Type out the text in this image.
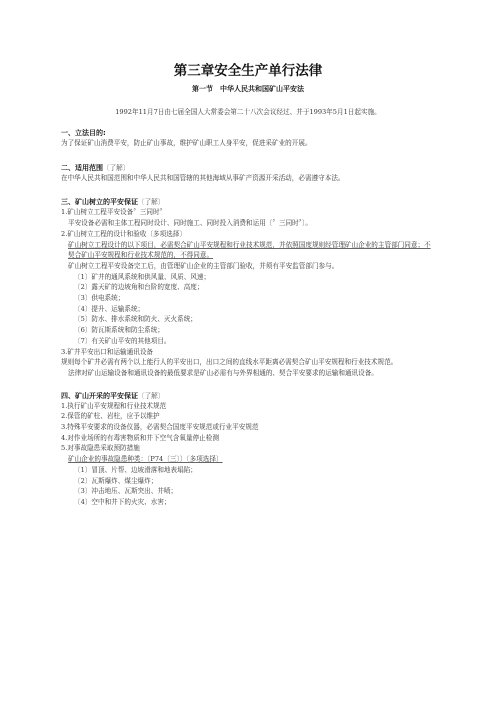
第三章安全生产单行法律

第一节　中华人民共和国矿山平安法

1992年11月7日由七届全国人大常委会第二十八次会议经过、并于1993年5月1日起实施。

一、立法目的:

为了保证矿山消费平安，防止矿山事故，维护矿山职工人身平安，促进采矿业的开展。

二、适用范围〔了解〕

在中华人民共和国范围和中华人民共和国管辖的其他海域从事矿产资源开采活动，必需遵守本法。

三、矿山树立的平安保证〔了解〕

1.矿山树立工程平安设备〞三同时〞

平安设备必需和主体工程同时设计、同时施工、同时投入消费和运用〔〞三同时〞〕。

2.矿山树立工程的设计和验收〔多项选择〕

矿山树立工程设计的以下项目，必需契合矿山平安规程和行业技术规范，并依照国度规则经管理矿山企业的主管部门同意；不契合矿山平安规程和行业技术规范的，不得同意。

矿山树立工程平安设备完工后，由管理矿山企业的主管部门验收，并须有平安监管部门参与。

〔1〕矿井的通风系统和供风量、风质、风速；

〔2〕露天矿的边坡角和台阶的宽度、高度；

〔3〕供电系统；

〔4〕提升、运输系统；

〔5〕防水、排水系统和防火、灭火系统；

〔6〕防瓦斯系统和防尘系统；

〔7〕有关矿山平安的其他项目。

3.矿井平安出口和运输通讯设备

规则每个矿井必需有两个以上能行人的平安出口，出口之间的直线水平距离必需契合矿山平安规程和行业技术规范。

法律对矿山运输设备和通讯设备的最低要求是矿山必需有与外界相通的、契合平安要求的运输和通讯设备。

四、矿山开采的平安保证〔了解〕

1.执行矿山平安规程和行业技术规范

2.保管的矿柱、岩柱，应予以维护

3.特殊平安要求的设备仪器，必需契合国度平安规范或行业平安规范

4.对作业场所的有毒害物质和井下空气含氧量停止检测

5.对事故隐患采取预防措施

矿山企业的事故隐患种类：〔P74〔三〕〕〔多项选择〕

〔1〕冒顶、片帮、边坡滑落和地表塌陷；

〔2〕瓦斯爆炸、煤尘爆炸；

〔3〕冲击地压、瓦斯突出、井喷；

〔4〕空中和井下的火灾、水害；
